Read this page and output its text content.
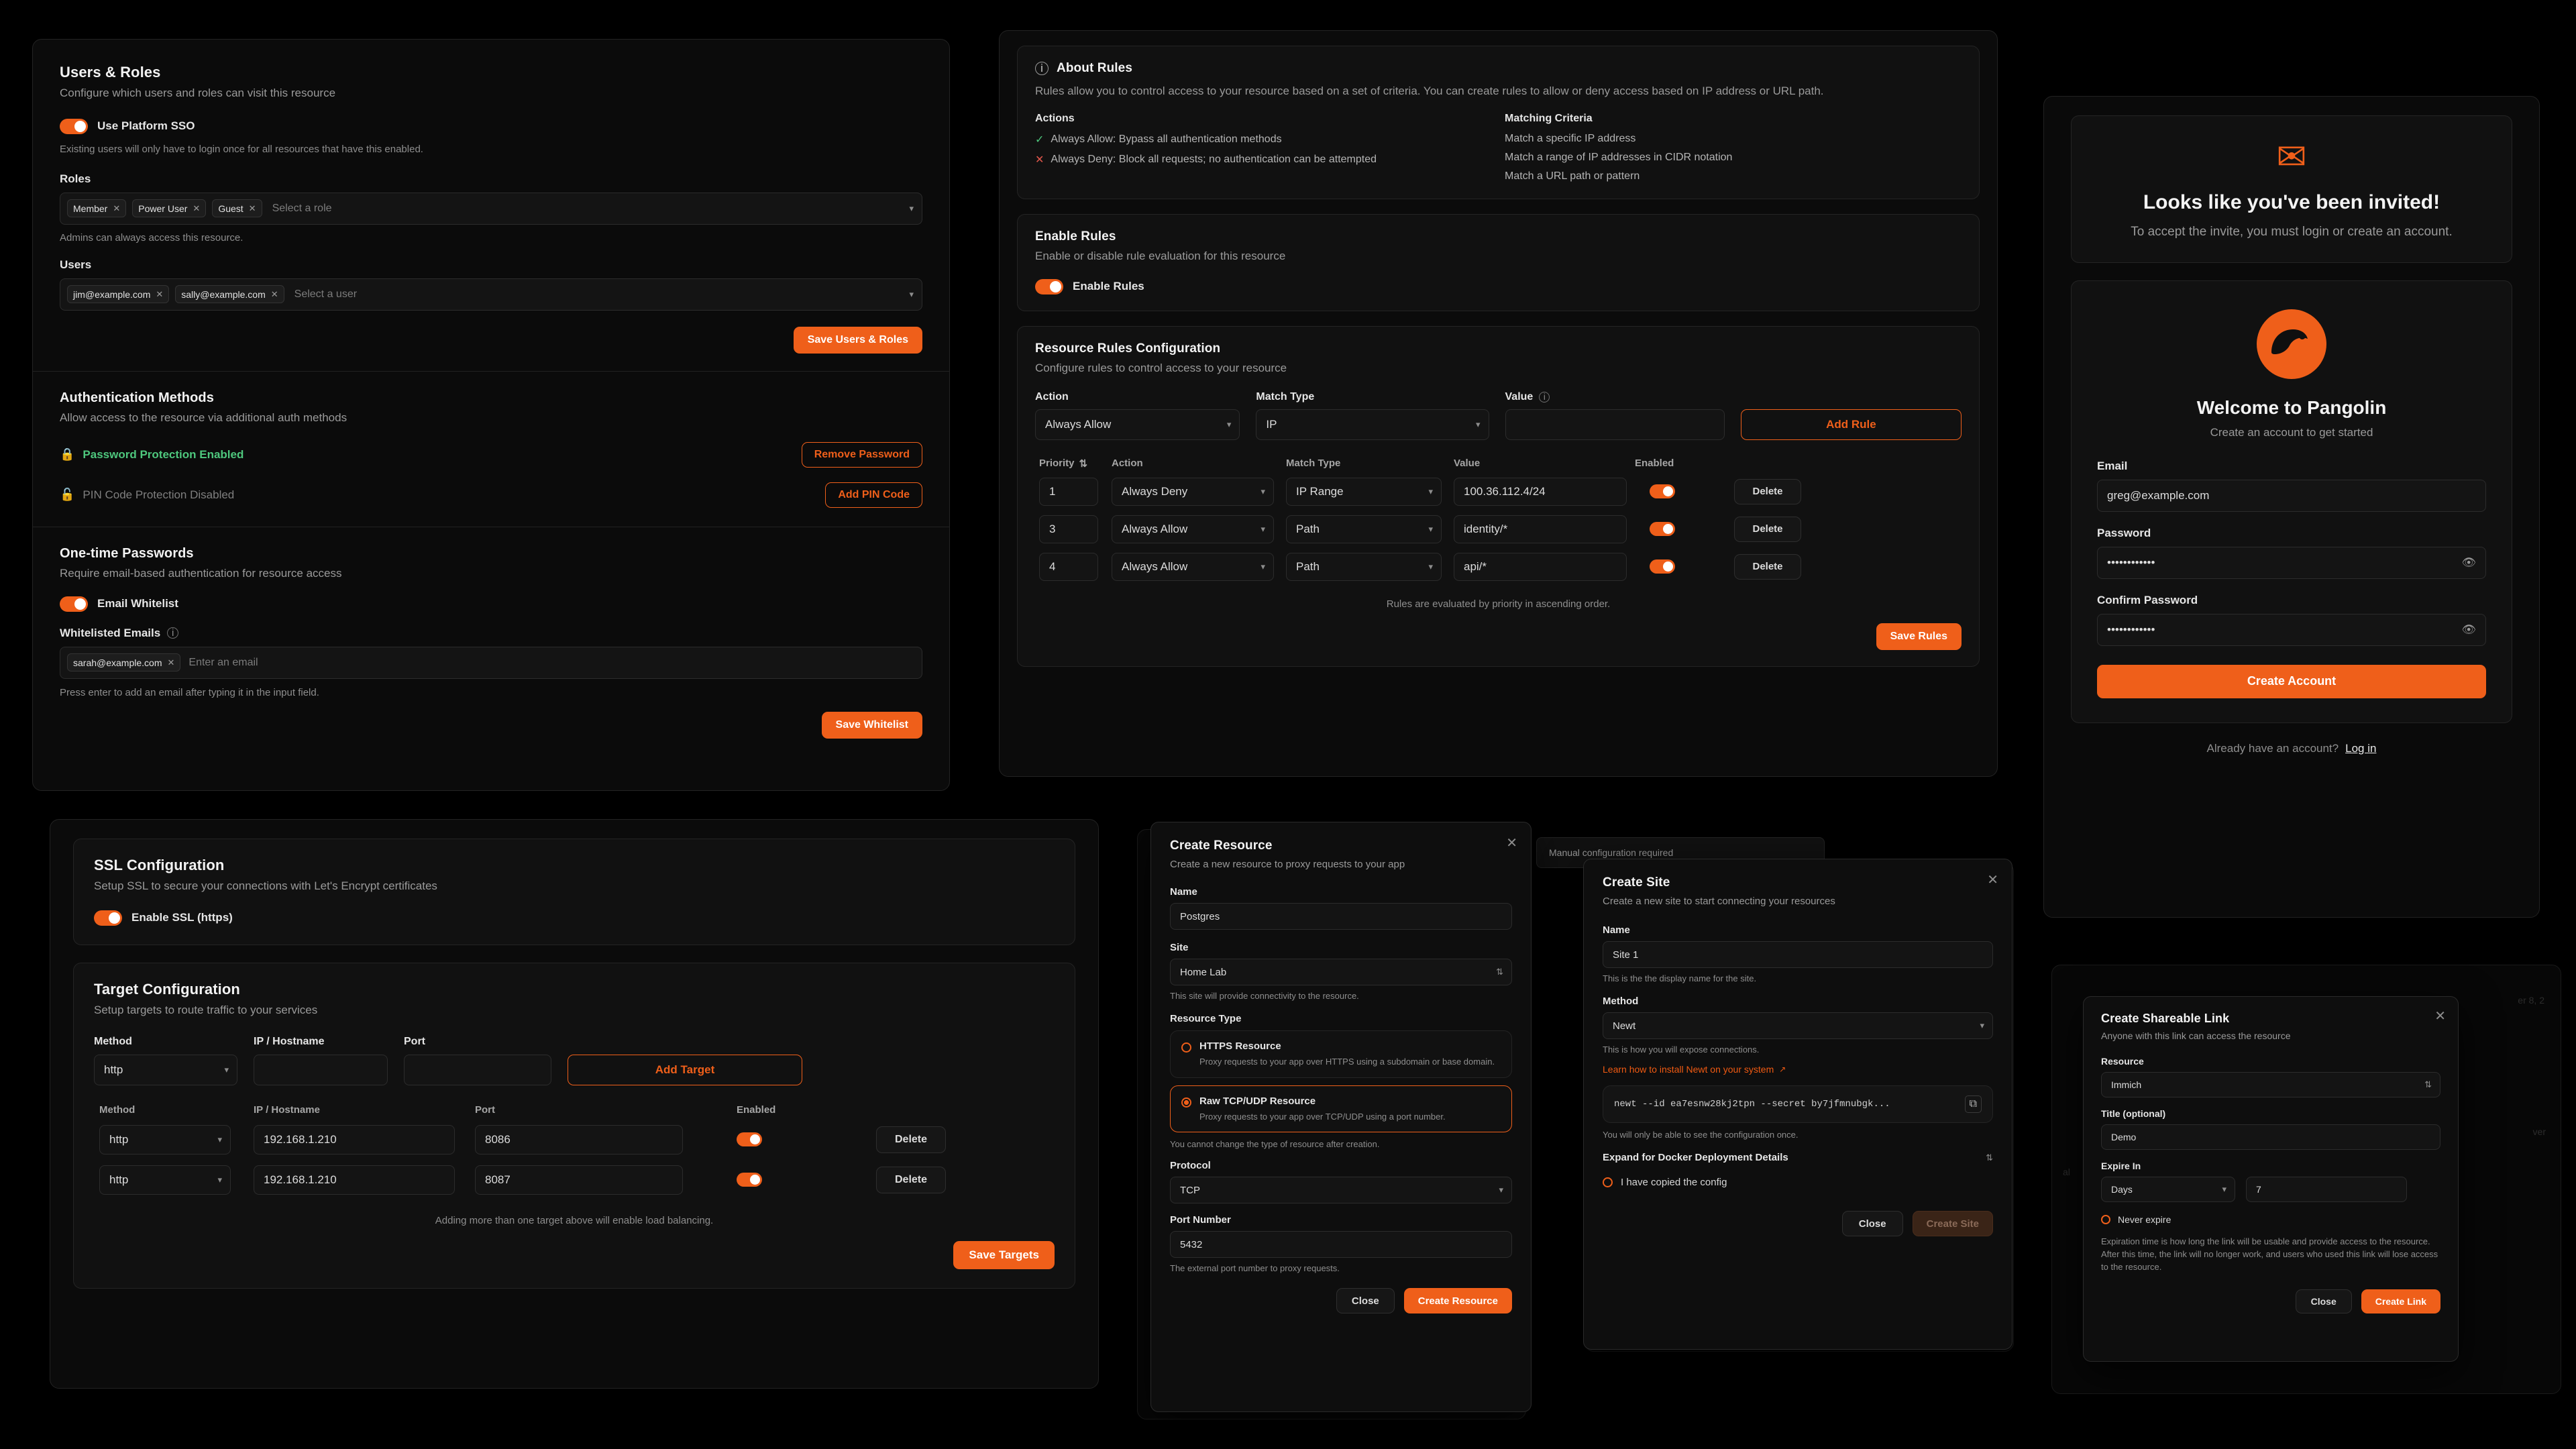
Users & Roles
Configure which users and roles can visit this resource
Use Platform SSO
Existing users will only have to login once for all resources that have this enabled.
Roles
Member ✕ Power User ✕ Guest ✕ Select a role	▾
Admins can always access this resource.
Users
jim@example.com ✕ sally@example.com ✕ Select a user	▾
Save Users & Roles
Authentication Methods
Allow access to the resource via additional auth methods
🔒 Password Protection Enabled	Remove Password
🔓 PIN Code Protection Disabled	Add PIN Code
One-time Passwords
Require email-based authentication for resource access
Email Whitelist
Whitelisted Emails	i
sarah@example.com ✕ Enter an email
Press enter to add an email after typing it in the input field.
Save Whitelist
i	About Rules
Rules allow you to control access to your resource based on a set of criteria. You can create rules to allow or deny access based on IP address or URL path.
Actions
✓ Always Allow: Bypass all authentication methods
✕ Always Deny: Block all requests; no authentication can be attempted
Matching Criteria
Match a specific IP address
Match a range of IP addresses in CIDR notation
Match a URL path or pattern
Enable Rules
Enable or disable rule evaluation for this resource
Enable Rules
Resource Rules Configuration
Configure rules to control access to your resource
Action
Always Allow	▾
Match Type
IP	▾
Value	i
Add Rule
Priority ⇅ Action	Match Type	Value	Enabled
1	Always Deny	▾	IP Range	▾	100.36.112.4/24	Delete
3	Always Allow	▾	Path	▾	identity/*	Delete
4	Always Allow	▾	Path	▾	api/*	Delete
Rules are evaluated by priority in ascending order.
Save Rules
SSL Configuration
Setup SSL to secure your connections with Let's Encrypt certificates
Enable SSL (https)
Target Configuration
Setup targets to route traffic to your services
Method
http	▾
IP / Hostname	Port
Add Target
Method	IP / Hostname	Port	Enabled
http	▾	192.168.1.210	8086	Delete
http	▾	192.168.1.210	8087	Delete
Adding more than one target above will enable load balancing.
Save Targets
Manual configuration required
✕
Create Resource
Create a new resource to proxy requests to your app
Name
Postgres
Site
Home Lab	⇅
This site will provide connectivity to the resource.
Resource Type
HTTPS Resource
Proxy requests to your app over HTTPS using a subdomain or base domain.
Raw TCP/UDP Resource
Proxy requests to your app over TCP/UDP using a port number.
You cannot change the type of resource after creation.
Protocol
TCP	▾
Port Number
5432
The external port number to proxy requests.
Close	Create Resource
✕
Create Site
Create a new site to start connecting your resources
Name
Site 1
This is the the display name for the site.
Method
Newt	▾
This is how you will expose connections.
Learn how to install Newt on your system ↗
newt --id ea7esnw28kj2tpn --secret by7jfmnubgk...	⧉
You will only be able to see the configuration once.
Expand for Docker Deployment Details	⇅
I have copied the config
Close	Create Site
✉
Looks like you've been invited!
To accept the invite, you must login or create an account.
Welcome to Pangolin
Create an account to get started
Email
greg@example.com
Password
••••••••••••	👁
Confirm Password
••••••••••••	👁
Create Account
Already have an account? Log in
er 8, 2
ver
al
✕
Create Shareable Link
Anyone with this link can access the resource
Resource
Immich	⇅
Title (optional)
Demo
Expire In
Days	▾	7
Never expire
Expiration time is how long the link will be usable and provide access to the resource. After this time, the link will no longer work, and users who used this link will lose access to the resource.
Close	Create Link
